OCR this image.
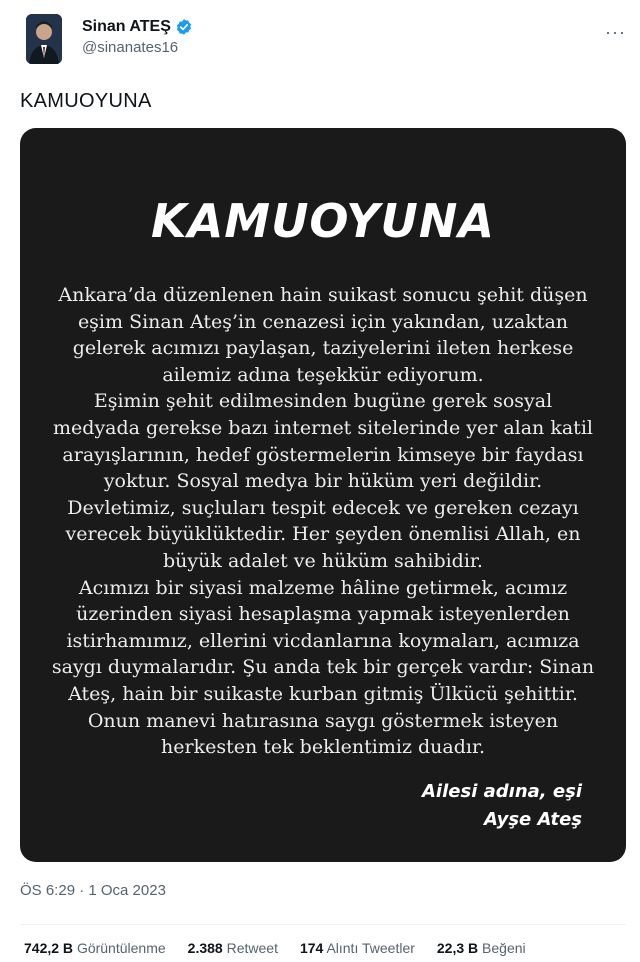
Sinan ATEŞ
@sinanates16
···
KAMUOYUNA
KAMUOYUNA

Ankara’da düzenlenen hain suikast sonucu şehit düşen eşim Sinan Ateş’in cenazesi için yakından, uzaktan gelerek acımızı paylaşan, taziyelerini ileten herkese ailemiz adına teşekkür ediyorum.

Eşimin şehit edilmesinden bugüne gerek sosyal medyada gerekse bazı internet sitelerinde yer alan katil arayışlarının, hedef göstermelerin kimseye bir faydası yoktur. Sosyal medya bir hüküm yeri değildir. Devletimiz, suçluları tespit edecek ve gereken cezayı verecek büyüklüktedir. Her şeyden önemlisi Allah, en büyük adalet ve hüküm sahibidir.

Acımızı bir siyasi malzeme hâline getirmek, acımız üzerinden siyasi hesaplaşma yapmak isteyenlerden istirhamımız, ellerini vicdanlarına koymaları, acımıza saygı duymalarıdır. Şu anda tek bir gerçek vardır: Sinan Ateş, hain bir suikaste kurban gitmiş Ülkücü şehittir. Onun manevi hatırasına saygı göstermek isteyen herkesten tek beklentimiz duadır.

Ailesi adına, eşi
Ayşe Ateş
ÖS 6:29 · 1 Oca 2023
742,2 B Görüntülenme 2.388 Retweet 174 Alıntı Tweetler 22,3 B Beğeni
